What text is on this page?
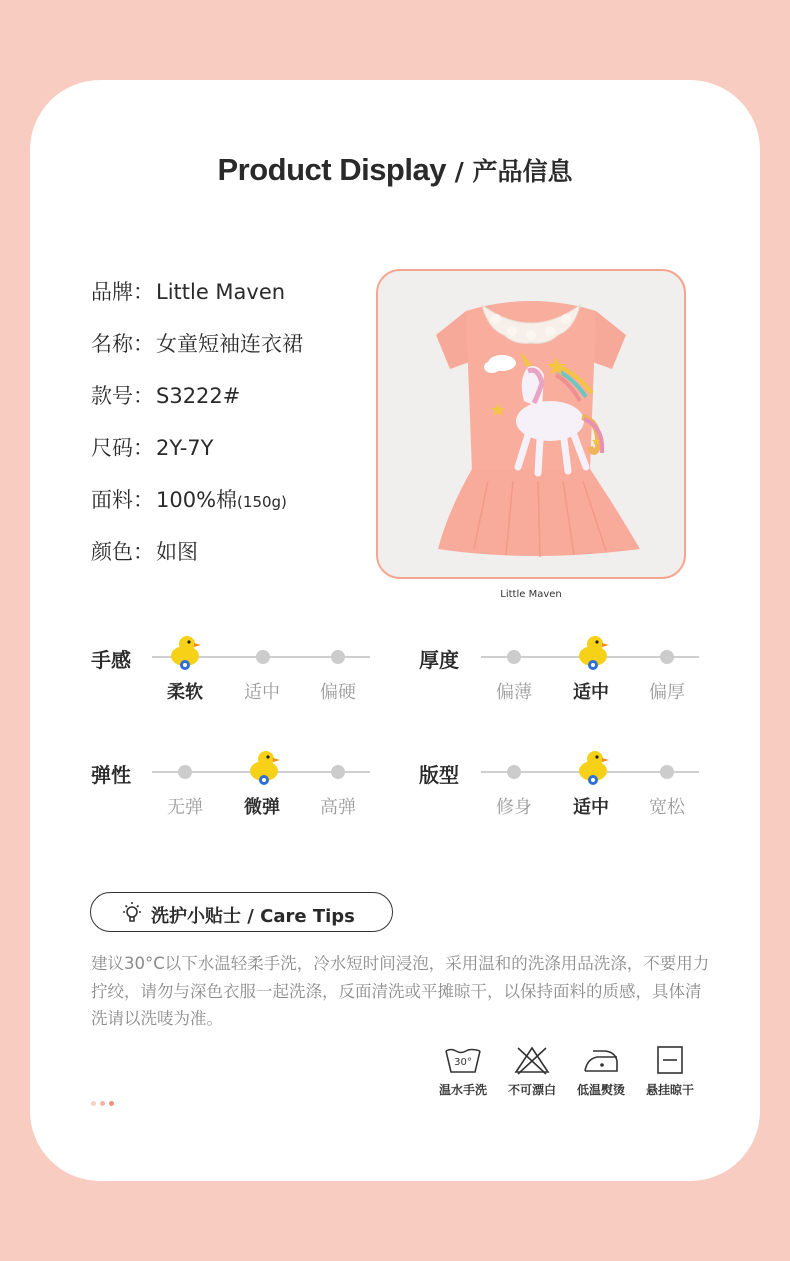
Product Display / 产品信息
品牌：Little Maven
名称：女童短袖连衣裙
款号：S3222#
尺码：2Y-7Y
面料：100%棉(150g)
颜色：如图
Little Maven
手感
柔软	适中	偏硬
厚度
偏薄	适中	偏厚
弹性
无弹	微弹	高弹
版型
修身	适中	宽松
洗护小贴士 / Care Tips
建议30°C以下水温轻柔手洗，冷水短时间浸泡，采用温和的洗涤用品洗涤，不要用力拧绞，请勿与深色衣服一起洗涤，反面清洗或平摊晾干，以保持面料的质感，具体清洗请以洗唛为准。
30°
温水手洗	不可漂白	低温熨烫	悬挂晾干
